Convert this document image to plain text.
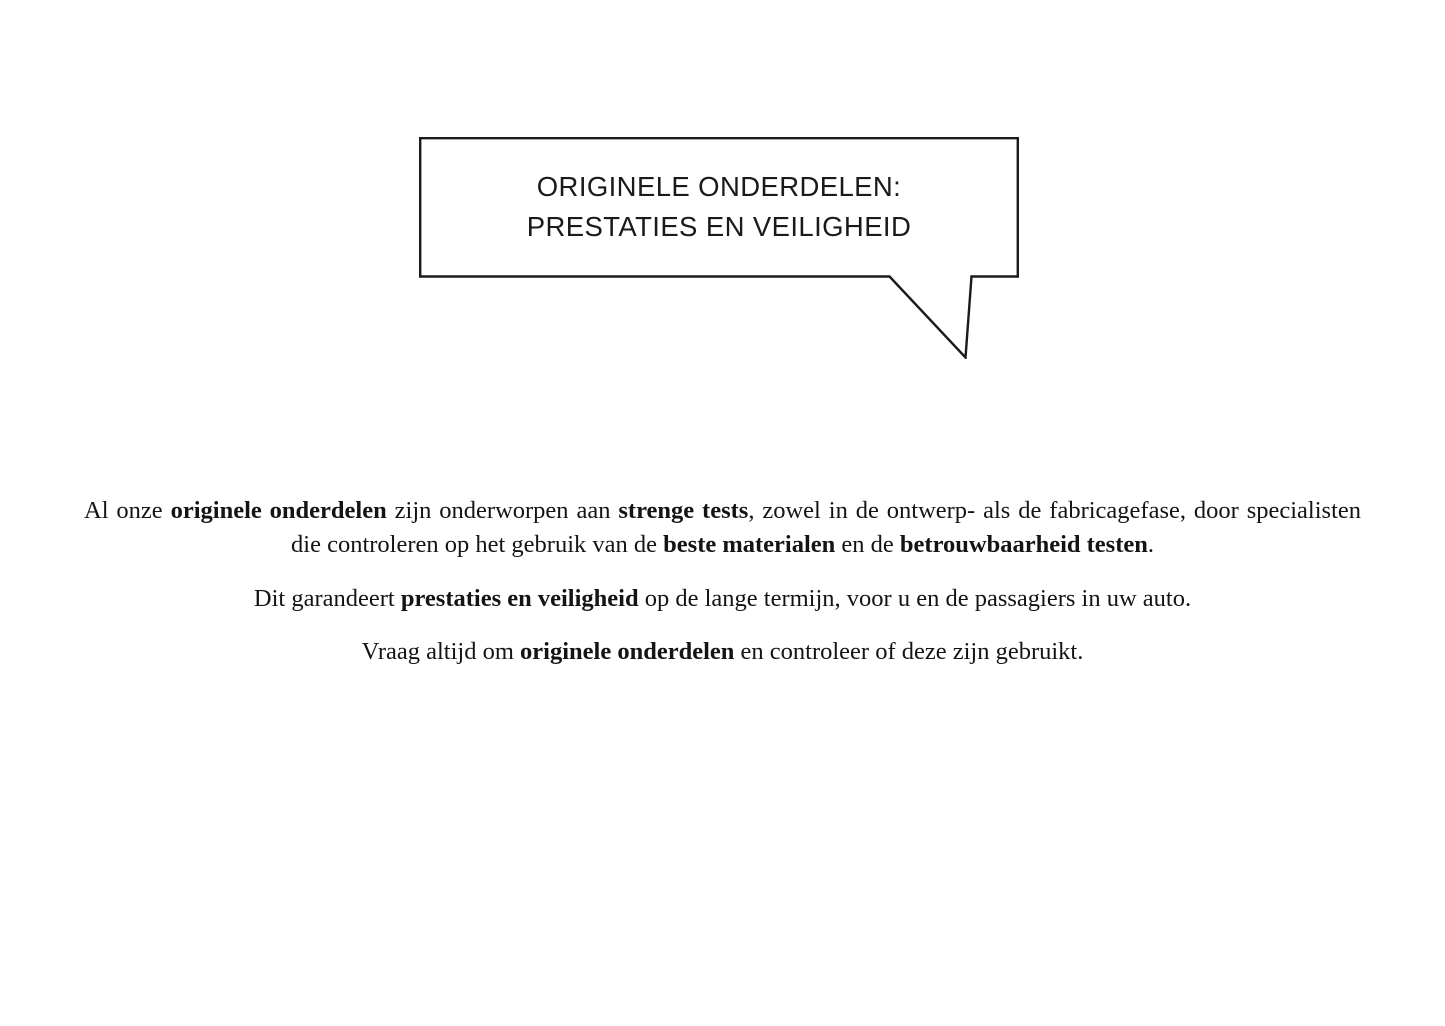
ORIGINELE ONDERDELEN:
PRESTATIES EN VEILIGHEID

Al onze originele onderdelen zijn onderworpen aan strenge tests, zowel in de ontwerp- als de fabricagefase, door specialisten die controleren op het gebruik van de beste materialen en de betrouwbaarheid testen.

Dit garandeert prestaties en veiligheid op de lange termijn, voor u en de passagiers in uw auto.

Vraag altijd om originele onderdelen en controleer of deze zijn gebruikt.
